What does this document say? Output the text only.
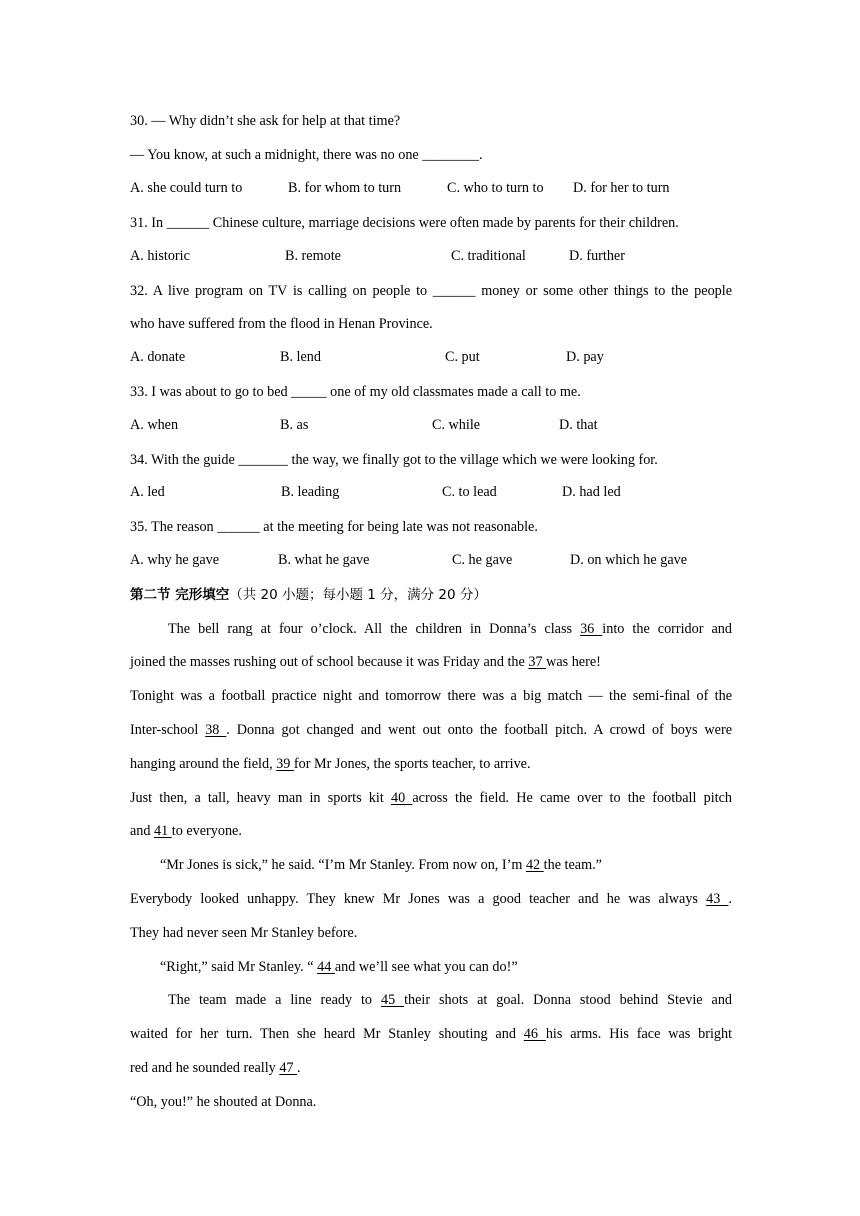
30. — Why didn’t she ask for help at that time?
— You know, at such a midnight, there was no one ________.
A. she could turn to	B. for whom to turn	C. who to turn to D. for her to turn
31. In ______ Chinese culture, marriage decisions were often made by parents for their children.
A. historic	B. remote	C. traditional	D. further
32. A live program on TV is calling on people to ______ money or some other things to the people
who have suffered from the flood in Henan Province.
A. donate	B. lend	C. put	D. pay
33. I was about to go to bed _____ one of my old classmates made a call to me.
A. when	B. as	C. while	D. that
34. With the guide _______ the way, we finally got to the village which we were looking for.
A. led	B. leading	C. to lead	D. had led
35. The reason ______ at the meeting for being late was not reasonable.
A. why he gave	B. what he gave	C. he gave	D. on which he gave
第二节 完形填空（共 20 小题；每小题 1 分，满分 20 分）
The bell rang at four o’clock. All the children in Donna’s class 36 into the corridor and
joined the masses rushing out of school because it was Friday and the 37 was here!
Tonight was a football practice night and tomorrow there was a big match — the semi-final of the
Inter-school 38 . Donna got changed and went out onto the football pitch. A crowd of boys were
hanging around the field, 39 for Mr Jones, the sports teacher, to arrive.
Just then, a tall, heavy man in sports kit 40 across the field. He came over to the football pitch
and 41 to everyone.
“Mr Jones is sick,” he said. “I’m Mr Stanley. From now on, I’m 42 the team.”
Everybody looked unhappy. They knew Mr Jones was a good teacher and he was always 43 .
They had never seen Mr Stanley before.
“Right,” said Mr Stanley. “ 44 and we’ll see what you can do!”
The team made a line ready to 45 their shots at goal. Donna stood behind Stevie and
waited for her turn. Then she heard Mr Stanley shouting and 46 his arms. His face was bright
red and he sounded really 47 .
“Oh, you!” he shouted at Donna.
